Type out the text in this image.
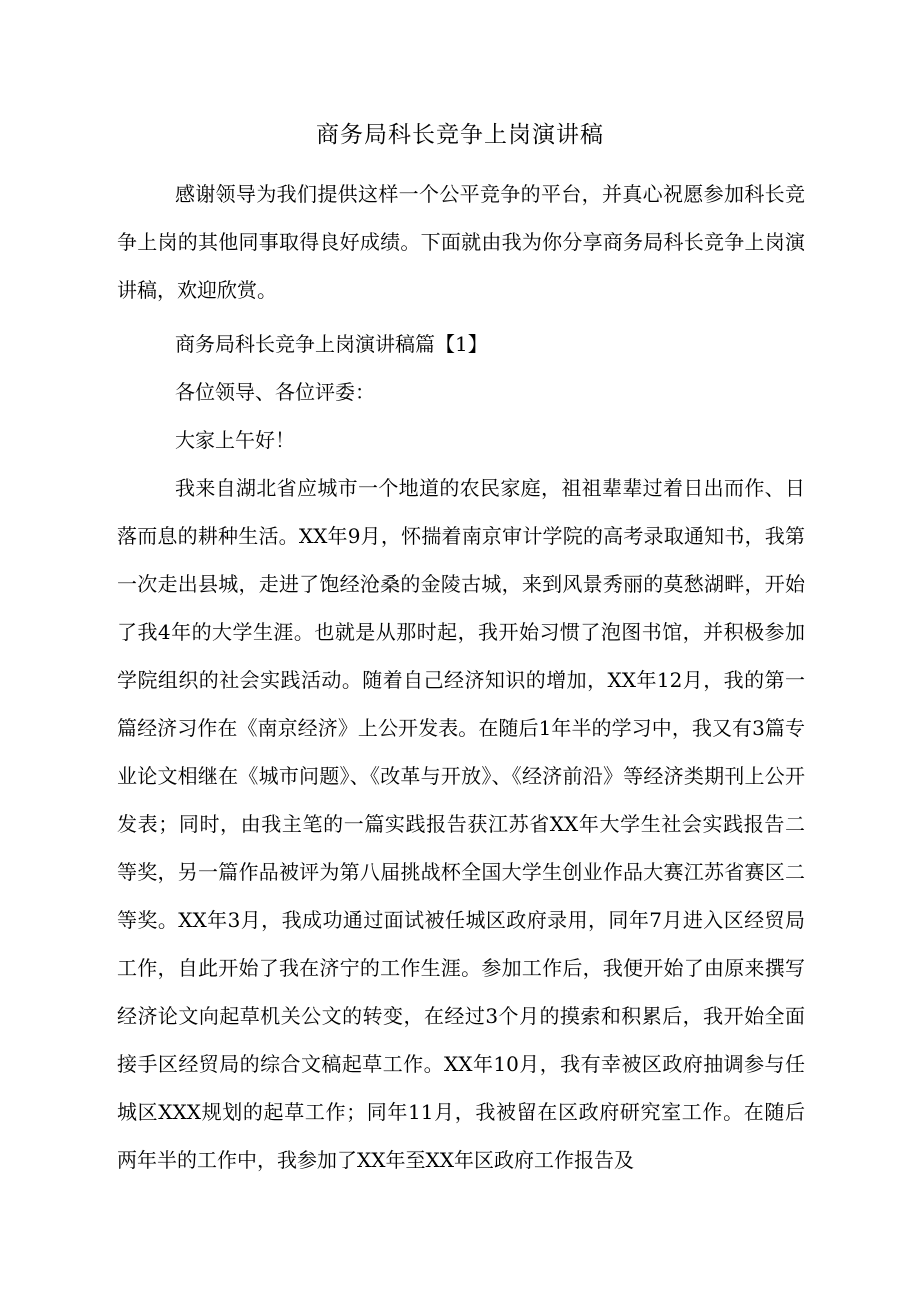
商务局科长竞争上岗演讲稿

感谢领导为我们提供这样一个公平竞争的平台，并真心祝愿参加科长竞争上岗的其他同事取得良好成绩。下面就由我为你分享商务局科长竞争上岗演讲稿，欢迎欣赏。

商务局科长竞争上岗演讲稿篇【1】

各位领导、各位评委：

大家上午好！

我来自湖北省应城市一个地道的农民家庭，祖祖辈辈过着日出而作、日落而息的耕种生活。XX年9月，怀揣着南京审计学院的高考录取通知书，我第一次走出县城，走进了饱经沧桑的金陵古城，来到风景秀丽的莫愁湖畔，开始了我4年的大学生涯。也就是从那时起，我开始习惯了泡图书馆，并积极参加学院组织的社会实践活动。随着自己经济知识的增加，XX年12月，我的第一篇经济习作在《南京经济》上公开发表。在随后1年半的学习中，我又有3篇专业论文相继在《城市问题》、《改革与开放》、《经济前沿》等经济类期刊上公开发表；同时，由我主笔的一篇实践报告获江苏省XX年大学生社会实践报告二等奖，另一篇作品被评为第八届挑战杯全国大学生创业作品大赛江苏省赛区二等奖。XX年3月，我成功通过面试被任城区政府录用，同年7月进入区经贸局工作，自此开始了我在济宁的工作生涯。参加工作后，我便开始了由原来撰写经济论文向起草机关公文的转变，在经过3个月的摸索和积累后，我开始全面接手区经贸局的综合文稿起草工作。XX年10月，我有幸被区政府抽调参与任城区XXX规划的起草工作；同年11月，我被留在区政府研究室工作。在随后两年半的工作中，我参加了XX年至XX年区政府工作报告及
